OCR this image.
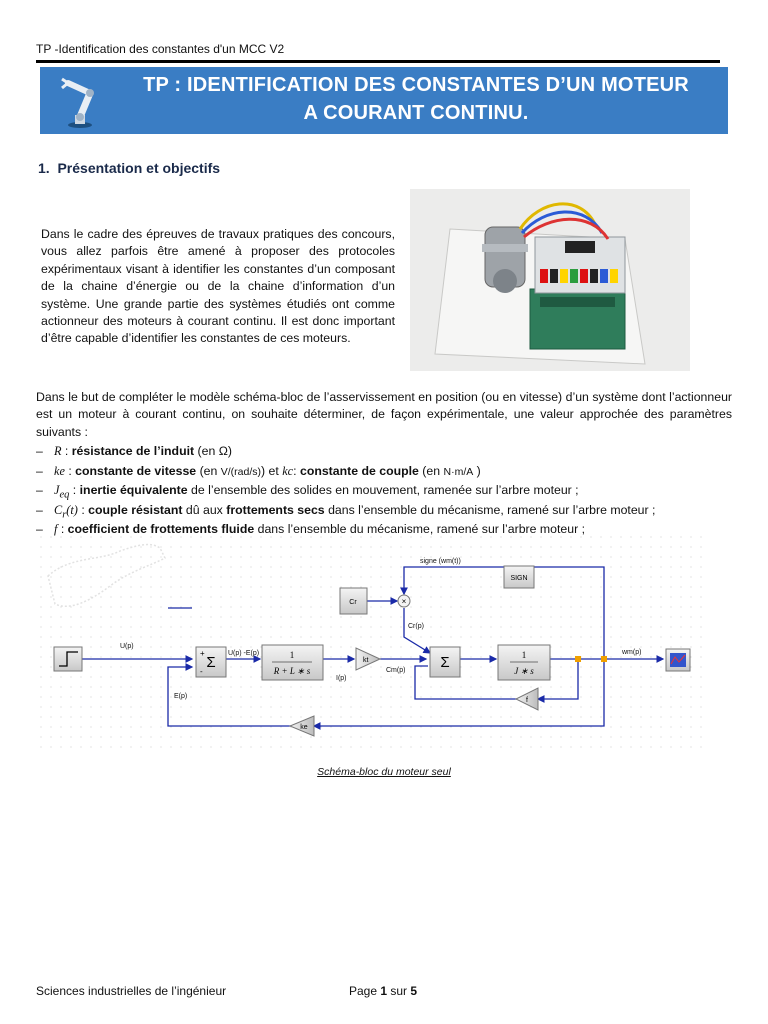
TP -Identification des constantes d'un MCC V2
TP : IDENTIFICATION DES CONSTANTES D’UN MOTEUR
A COURANT CONTINU.
1. Présentation et objectifs
Dans le cadre des épreuves de travaux pratiques des concours, vous allez parfois être amené à proposer des protocoles expérimentaux visant à identifier les constantes d’un composant de la chaine d’énergie ou de la chaine d’information d’un système. Une grande partie des systèmes étudiés ont comme actionneur des moteurs à courant continu. Il est donc important d’être capable d’identifier les constantes de ces moteurs.
Dans le but de compléter le modèle schéma-bloc de l’asservissement en position (ou en vitesse) d’un système dont l’actionneur est un moteur à courant continu, on souhaite déterminer, de façon expérimentale, une valeur approchée des paramètres suivants :
– R : résistance de l’induit (en Ω)
– ke : constante de vitesse (en V/(rad/s)) et kc: constante de couple (en N·m/A )
– $J_{eq}$ : inertie équivalente de l’ensemble des solides en mouvement, ramenée sur l’arbre moteur ;
– $C_r(t)$ : couple résistant dû aux frottements secs dans l’ensemble du mécanisme, ramené sur l’arbre moteur ;
– f : coefficient de frottements fluide dans l’ensemble du mécanisme, ramené sur l’arbre moteur ;
Σ
+
-
1
R + L ∗ s
kt	Σ	1
J ∗ s
Cr	×
SIGN
f
ke
signe (wm(t))
Cr(p)
U(p)
U(p) -E(p)
I(p)
Cm(p)
wm(p)
E(p)
Schéma-bloc du moteur seul
Sciences industrielles de l’ingénieur	Page 1 sur 5
